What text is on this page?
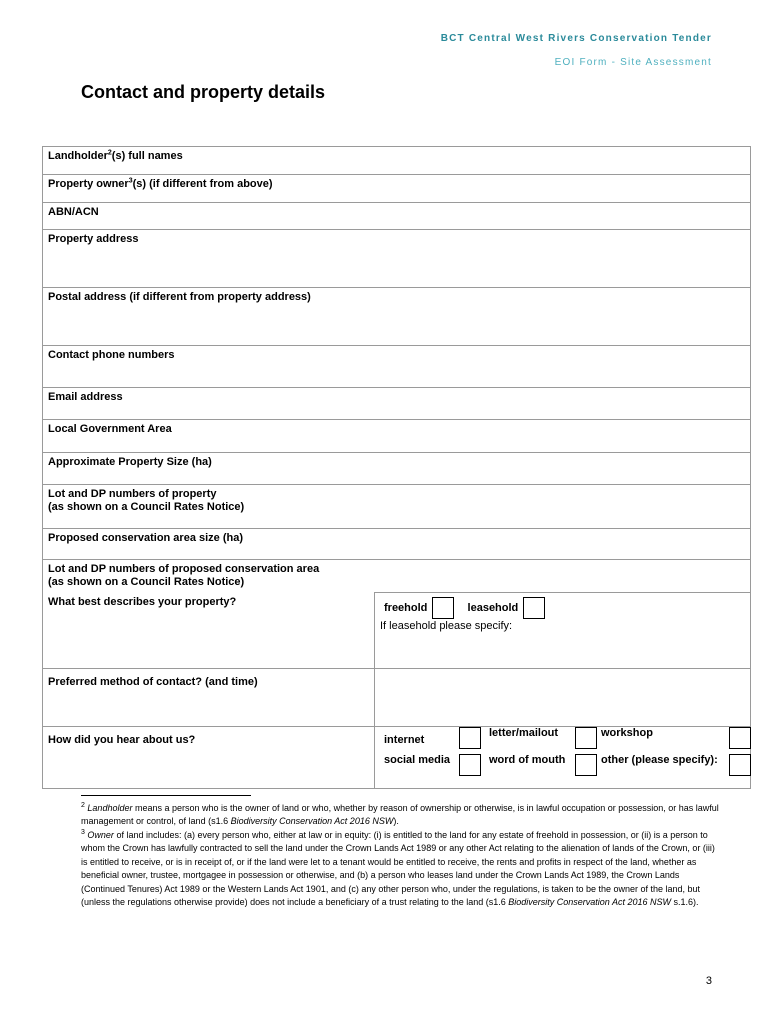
BCT Central West Rivers Conservation Tender
EOI Form - Site Assessment
Contact and property details
Landholder$^2$(s) full names
Property owner$^3$(s) (if different from above)
ABN/ACN
Property address
Postal address (if different from property address)
Contact phone numbers
Email address
Local Government Area
Approximate Property Size (ha)

Lot and DP numbers of property
(as shown on a Council Rates Notice)

Proposed conservation area size (ha)

Lot and DP numbers of proposed conservation area
(as shown on a Council Rates Notice)

What best describes your property?	
freehold	leasehold
If leasehold please specify:

Preferred method of contact? (and time)	
How did you hear about us?		internet		letter/mailout		workshop	
social media		word of mouth		other (please specify):	
$^2$ Landholder means a person who is the owner of land or who, whether by reason of ownership or otherwise, is in lawful occupation or possession, or has lawful management or control, of land (s1.6 Biodiversity Conservation Act 2016 NSW).
$^3$ Owner of land includes: (a) every person who, either at law or in equity: (i) is entitled to the land for any estate of freehold in possession, or (ii) is a person to whom the Crown has lawfully contracted to sell the land under the Crown Lands Act 1989 or any other Act relating to the alienation of lands of the Crown, or (iii) is entitled to receive, or is in receipt of, or if the land were let to a tenant would be entitled to receive, the rents and profits in respect of the land, whether as beneficial owner, trustee, mortgagee in possession or otherwise, and (b) a person who leases land under the Crown Lands Act 1989, the Crown Lands (Continued Tenures) Act 1989 or the Western Lands Act 1901, and (c) any other person who, under the regulations, is taken to be the owner of the land, but (unless the regulations otherwise provide) does not include a beneficiary of a trust relating to the land (s1.6 Biodiversity Conservation Act 2016 NSW s.1.6).
3
